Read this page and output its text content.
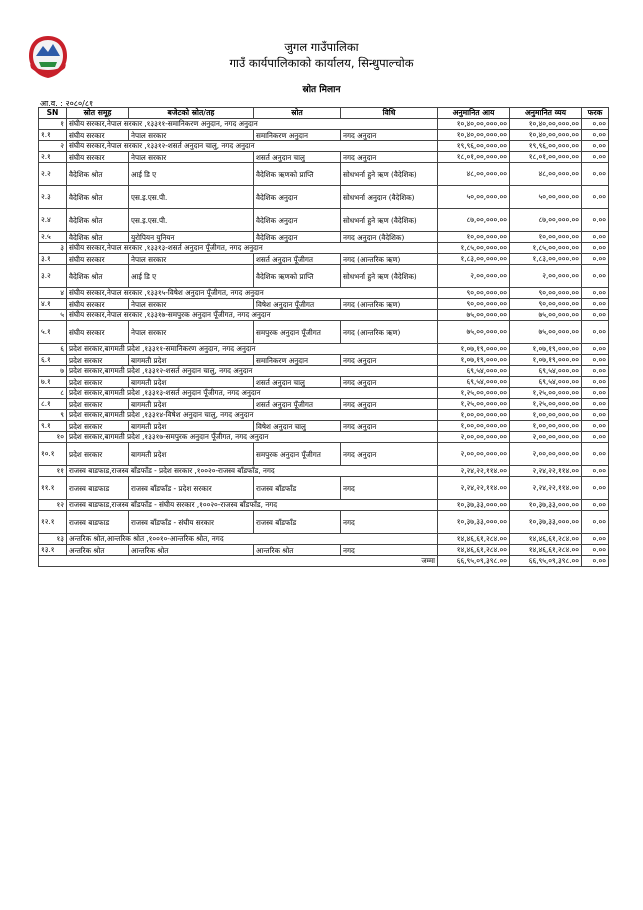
जुगल गाउँपालिका
गाउँ कार्यपालिकाको कार्यालय, सिन्धुपाल्चोक
स्रोत मिलान
आ.व. : २०८०/८१
SN	स्रोत समूह	बजेटको स्रोत/तह	स्रोत	विधि	अनुमानित आय	अनुमानित व्यय	फरक
१	संघीय सरकार,नेपाल सरकार ,१३३११-समानिकरण अनुदान, नगद अनुदान				१०,४०,००,०००.००	१०,४०,००,०००.००	०.००
१.१	संघीय सरकार	नेपाल सरकार	समानिकरण अनुदान	नगद अनुदान	१०,४०,००,०००.००	१०,४०,००,०००.००	०.००
२	संघीय सरकार,नेपाल सरकार ,१३३१२-शसर्त अनुदान चालु, नगद अनुदान				१९,९६,००,०००.००	१९,९६,००,०००.००	०.००
२.१	संघीय सरकार	नेपाल सरकार	शसर्त अनुदान चालु	नगद अनुदान	१८,०१,००,०००.००	१८,०१,००,०००.००	०.००
२.२	वैदेशिक श्रोत	आई डि ए	वैदेशिक ऋणको प्राप्ति	सोधभर्ना हुने ऋण (वैदेशिक)	४८,००,०००.००	४८,००,०००.००	०.००
२.३	वैदेशिक श्रोत	एस.इ.एस.पी.	वैदेशिक अनुदान	सोधभर्ना अनुदान (वैदेशिक)	५०,००,०००.००	५०,००,०००.००	०.००
२.४	वैदेशिक श्रोत	एस.इ.एस.पी.	वैदेशिक अनुदान	सोधभर्ना हुने ऋण (वैदेशिक)	८७,००,०००.००	८७,००,०००.००	०.००
२.५	वैदेशिक श्रोत	युरोपियन युनियन	वैदेशिक अनुदान	नगद अनुदान (वैदेशिक)	१०,००,०००.००	१०,००,०००.००	०.००
३	संघीय सरकार,नेपाल सरकार ,१३३१३-शसर्त अनुदान पूँजीगत, नगद अनुदान				१,८५,००,०००.००	१,८५,००,०००.००	०.००
३.१	संघीय सरकार	नेपाल सरकार	शसर्त अनुदान पूँजीगत	नगद (आन्तरिक ऋण)	१,८३,००,०००.००	१,८३,००,०००.००	०.००
३.२	वैदेशिक श्रोत	आई डि ए	वैदेशिक ऋणको प्राप्ति	सोधभर्ना हुने ऋण (वैदेशिक)	२,००,०००.००	२,००,०००.००	०.००
४	संघीय सरकार,नेपाल सरकार ,१३३१५-विषेश अनुदान पूँजीगत, नगद अनुदान				९०,००,०००.००	९०,००,०००.००	०.००
४.१	संघीय सरकार	नेपाल सरकार	विषेश अनुदान पूँजीगत	नगद (आन्तरिक ऋण)	९०,००,०००.००	९०,००,०००.००	०.००
५	संघीय सरकार,नेपाल सरकार ,१३३१७-समपुरक अनुदान पूँजीगत, नगद अनुदान				७५,००,०००.००	७५,००,०००.००	०.००
५.१	संघीय सरकार	नेपाल सरकार	समपुरक अनुदान पूँजीगत	नगद (आन्तरिक ऋण)	७५,००,०००.००	७५,००,०००.००	०.००
६	प्रदेश सरकार,बागमती प्रदेश ,१३३११-समानिकरण अनुदान, नगद अनुदान				१,०७,१९,०००.००	१,०७,१९,०००.००	०.००
६.१	प्रदेश सरकार	बागमती प्रदेश	समानिकरण अनुदान	नगद अनुदान	१,०७,१९,०००.००	१,०७,१९,०००.००	०.००
७	प्रदेश सरकार,बागमती प्रदेश ,१३३१२-शसर्त अनुदान चालु, नगद अनुदान				६९,५४,०००.००	६९,५४,०००.००	०.००
७.१	प्रदेश सरकार	बागमती प्रदेश	शसर्त अनुदान चालु	नगद अनुदान	६९,५४,०००.००	६९,५४,०००.००	०.००
८	प्रदेश सरकार,बागमती प्रदेश ,१३३१३-शसर्त अनुदान पूँजीगत, नगद अनुदान				१,२५,००,०००.००	१,२५,००,०००.००	०.००
८.१	प्रदेश सरकार	बागमती प्रदेश	शसर्त अनुदान पूँजीगत	नगद अनुदान	१,२५,००,०००.००	१,२५,००,०००.००	०.००
९	प्रदेश सरकार,बागमती प्रदेश ,१३३१४-विषेश अनुदान चालु, नगद अनुदान				१,००,००,०००.००	१,००,००,०००.००	०.००
९.१	प्रदेश सरकार	बागमती प्रदेश	विषेश अनुदान चालु	नगद अनुदान	१,००,००,०००.००	१,००,००,०००.००	०.००
१०	प्रदेश सरकार,बागमती प्रदेश ,१३३१७-समपुरक अनुदान पूँजीगत, नगद अनुदान				२,००,००,०००.००	२,००,००,०००.००	०.००
१०.१	प्रदेश सरकार	बागमती प्रदेश	समपुरक अनुदान पूँजीगत	नगद अनुदान	२,००,००,०००.००	२,००,००,०००.००	०.००
११	राजस्व बाडफाड,राजस्व बाँडफाँड - प्रदेश सरकार ,१००२०-राजस्व बाँडफाँड, नगद				२,२४,२२,११४.००	२,२४,२२,११४.००	०.००
११.१	राजस्व बाडफाड	राजस्व बाँडफाँड - प्रदेश सरकार	राजस्व बाँडफाँड	नगद	२,२४,२२,११४.००	२,२४,२२,११४.००	०.००
१२	राजस्व बाडफाड,राजस्व बाँडफाँड - संघीय सरकार ,१००२०-राजस्व बाँडफाँड, नगद				१०,३७,३३,०००.००	१०,३७,३३,०००.००	०.००
१२.१	राजस्व बाडफाड	राजस्व बाँडफाँड - संघीय सरकार	राजस्व बाँडफाँड	नगद	१०,३७,३३,०००.००	१०,३७,३३,०००.००	०.००
१३	अन्तरिक श्रोत,आन्तरिक श्रोत ,१००१०-आन्तरिक श्रोत, नगद				१४,४६,६१,२८४.००	१४,४६,६१,२८४.००	०.००
१३.१	अन्तरिक श्रोत	आन्तरिक श्रोत	आन्तरिक श्रोत	नगद	१४,४६,६१,२८४.००	१४,४६,६१,२८४.००	०.००
जम्मा					६६,९५,०९,३९८.००	६६,९५,०९,३९८.००	०.००
